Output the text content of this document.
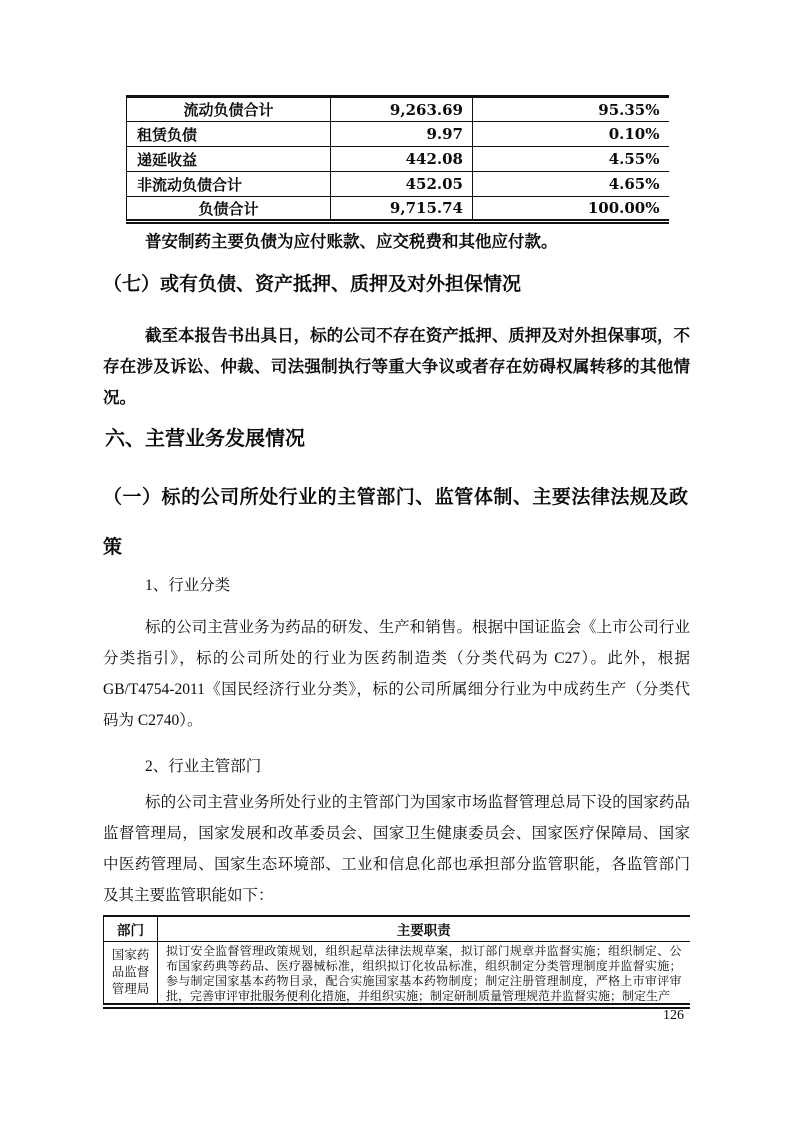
流动负债合计	9,263.69	95.35%
租赁负债	9.97	0.10%
递延收益	442.08	4.55%
非流动负债合计	452.05	4.65%
负债合计	9,715.74	100.00%

普安制药主要负债为应付账款、应交税费和其他应付款。

（七）或有负债、资产抵押、质押及对外担保情况

截至本报告书出具日，标的公司不存在资产抵押、质押及对外担保事项，不存在涉及诉讼、仲裁、司法强制执行等重大争议或者存在妨碍权属转移的其他情况。

六、主营业务发展情况
（一）标的公司所处行业的主管部门、监管体制、主要法律法规及政策
1、行业分类

标的公司主营业务为药品的研发、生产和销售。根据中国证监会《上市公司行业分类指引》，标的公司所处的行业为医药制造类（分类代码为 C27）。此外，根据 GB/T4754-2011《国民经济行业分类》，标的公司所属细分行业为中成药生产（分类代码为 C2740）。

2、行业主管部门

标的公司主营业务所处行业的主管部门为国家市场监督管理总局下设的国家药品监督管理局，国家发展和改革委员会、国家卫生健康委员会、国家医疗保障局、国家中医药管理局、国家生态环境部、工业和信息化部也承担部分监管职能，各监管部门及其主要监管职能如下：

部门	主要职责
国家药品监督管理局	拟订安全监督管理政策规划，组织起草法律法规草案，拟订部门规章并监督实施；组织制定、公布国家药典等药品、医疗器械标准，组织拟订化妆品标准，组织制定分类管理制度并监督实施；参与制定国家基本药物目录，配合实施国家基本药物制度；制定注册管理制度，严格上市审评审批，完善审评审批服务便利化措施，并组织实施；制定研制质量管理规范并监督实施；制定生产
126
